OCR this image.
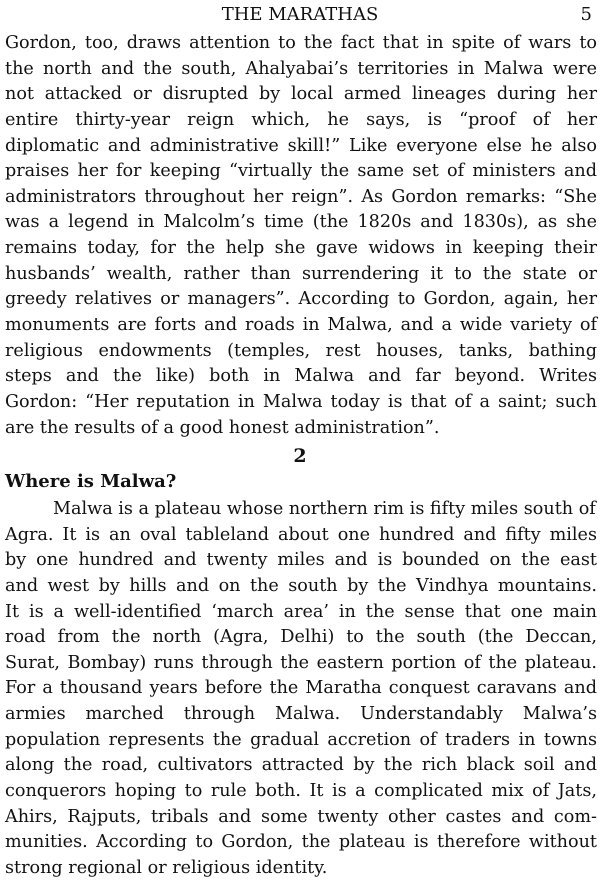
THE MARATHAS	5
Gordon, too, draws attention to the fact that in spite of wars to
the north and the south, Ahalyabai’s territories in Malwa were
not attacked or disrupted by local armed lineages during her
entire thirty-year reign which, he says, is “proof of her
diplomatic and administrative skill!” Like everyone else he also
praises her for keeping “virtually the same set of ministers and
administrators throughout her reign”. As Gordon remarks: “She
was a legend in Malcolm’s time (the 1820s and 1830s), as she
remains today, for the help she gave widows in keeping their
husbands’ wealth, rather than surrendering it to the state or
greedy relatives or managers”. According to Gordon, again, her
monuments are forts and roads in Malwa, and a wide variety of
religious endowments (temples, rest houses, tanks, bathing
steps and the like) both in Malwa and far beyond. Writes
Gordon: “Her reputation in Malwa today is that of a saint; such
are the results of a good honest administration”.
2
Where is Malwa?
Malwa is a plateau whose northern rim is fifty miles south of
Agra. It is an oval tableland about one hundred and fifty miles
by one hundred and twenty miles and is bounded on the east
and west by hills and on the south by the Vindhya mountains.
It is a well-identified ‘march area’ in the sense that one main
road from the north (Agra, Delhi) to the south (the Deccan,
Surat, Bombay) runs through the eastern portion of the plateau.
For a thousand years before the Maratha conquest caravans and
armies marched through Malwa. Understandably Malwa’s
population represents the gradual accretion of traders in towns
along the road, cultivators attracted by the rich black soil and
conquerors hoping to rule both. It is a complicated mix of Jats,
Ahirs, Rajputs, tribals and some twenty other castes and com-
munities. According to Gordon, the plateau is therefore without
strong regional or religious identity.
